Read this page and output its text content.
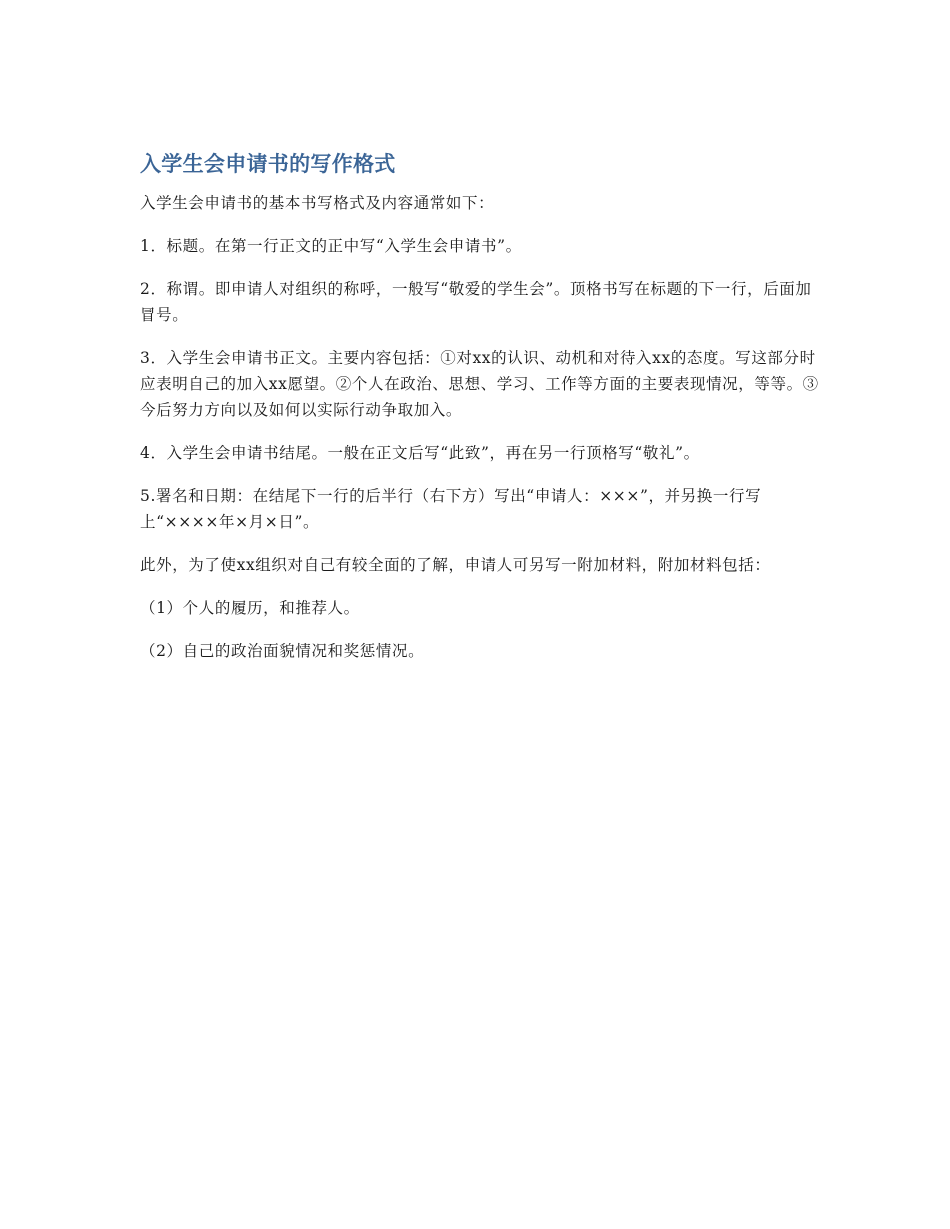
入学生会申请书的写作格式

入学生会申请书的基本书写格式及内容通常如下：

1．标题。在第一行正文的正中写“入学生会申请书”。

2．称谓。即申请人对组织的称呼，一般写“敬爱的学生会”。顶格书写在标题的下一行，后面加冒号。

3．入学生会申请书正文。主要内容包括：①对xx的认识、动机和对待入xx的态度。写这部分时应表明自己的加入xx愿望。②个人在政治、思想、学习、工作等方面的主要表现情况，等等。③今后努力方向以及如何以实际行动争取加入。

4．入学生会申请书结尾。一般在正文后写“此致”，再在另一行顶格写“敬礼”。

5.署名和日期：在结尾下一行的后半行（右下方）写出“申请人：×××”，并另换一行写上“××××年×月×日”。

此外，为了使xx组织对自己有较全面的了解，申请人可另写一附加材料，附加材料包括：

（1）个人的履历，和推荐人。

（2）自己的政治面貌情况和奖惩情况。
